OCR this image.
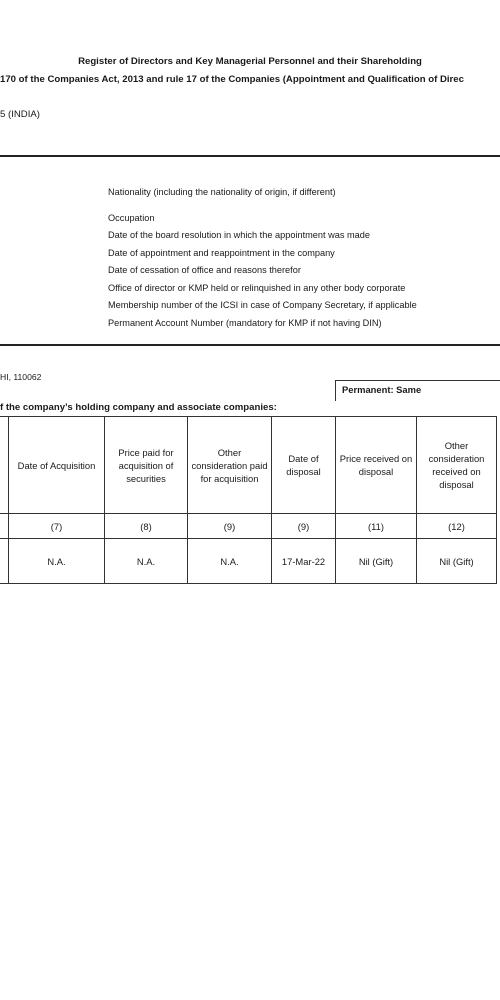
Register of Directors and Key Managerial Personnel and their Shareholding
170 of the Companies Act, 2013 and rule 17 of the Companies (Appointment and Qualification of Direc
5 (INDIA)
Nationality (including the nationality of origin, if different)
Occupation
Date of the board resolution in which the appointment was made
Date of appointment and reappointment in the company
Date of cessation of office and reasons therefor
Office of director or KMP held or relinquished in any other body corporate
Membership number of the ICSI in case of Company Secretary, if applicable
Permanent Account Number (mandatory for KMP if not having DIN)
HI, 110062
Permanent: Same
f the company’s holding company and associate companies:
	Date of Acquisition	Price paid for acquisition of securities	Other consideration paid for acquisition	Date of disposal	Price received on disposal	Other consideration received on disposal
	(7)	(8)	(9)	(9)	(11)	(12)
	N.A.	N.A.	N.A.	17-Mar-22	Nil (Gift)	Nil (Gift)
